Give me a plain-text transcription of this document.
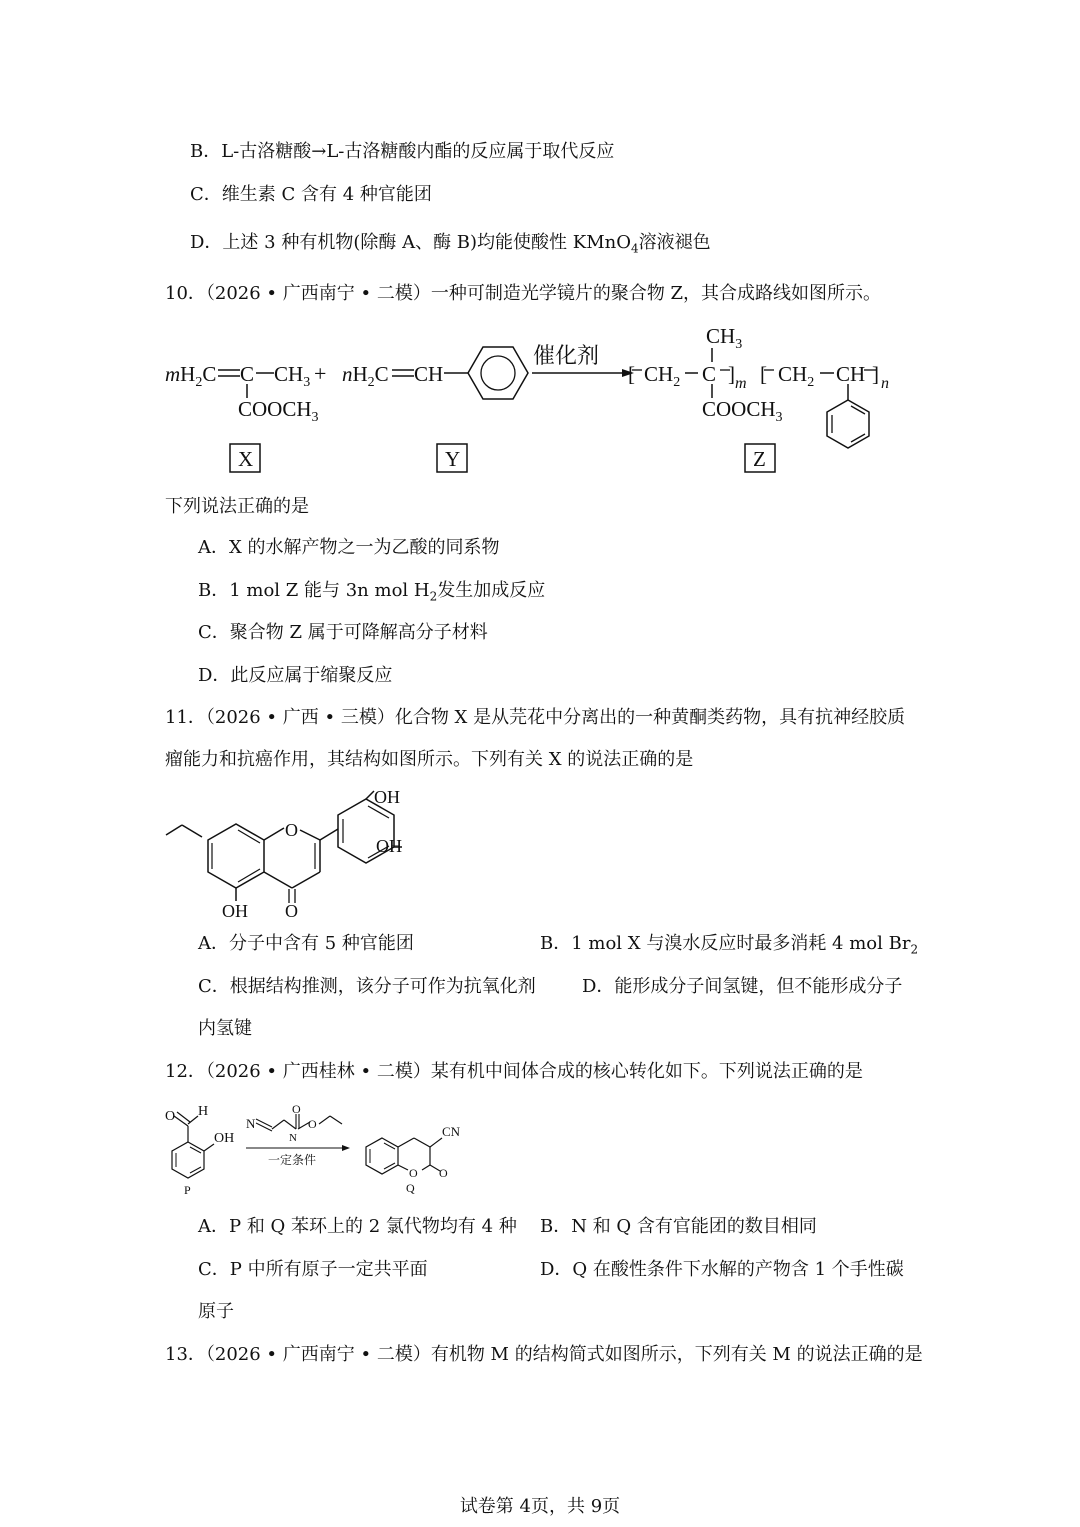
B．L-古洛糖酸→L-古洛糖酸内酯的反应属于取代反应
C．维生素 C 含有 4 种官能团
D．上述 3 种有机物(除酶 A、酶 B)均能使酸性 KMnO$_4$溶液褪色
10．（2026 • 广西南宁 • 二模）一种可制造光学镜片的聚合物 Z，其合成路线如图所示。
$mH_2C$ C $CH_3$
$COOCH_3$
+ $nH_2C$ CH
催化剂
$CH_3$
[ $CH_2$ C ] m
$COOCH_3$
[ $CH_2$ CH ] n
X	Y	Z
下列说法正确的是
A．X 的水解产物之一为乙酸的同系物
B．1 mol Z 能与 3n mol $H_2$发生加成反应
C．聚合物 Z 属于可降解高分子材料
D．此反应属于缩聚反应
11．（2026 • 广西 • 三模）化合物 X 是从芫花中分离出的一种黄酮类药物，具有抗神经胶质
瘤能力和抗癌作用，其结构如图所示。下列有关 X 的说法正确的是
O
O
OH
OH
OH
A．分子中含有 5 种官能团	B．1 mol X 与溴水反应时最多消耗 4 mol $Br_2$
C．根据结构推测，该分子可作为抗氧化剂	D．能形成分子间氢键，但不能形成分子
内氢键
12．（2026 • 广西桂林 • 二模）某有机中间体合成的核心转化如下。下列说法正确的是
O H
OH
P
N
N
O
O
一定条件
O O
CN
Q
A．P 和 Q 苯环上的 2 氯代物均有 4 种 B．N 和 Q 含有官能团的数目相同
C．P 中所有原子一定共平面	D．Q 在酸性条件下水解的产物含 1 个手性碳
原子
13．（2026 • 广西南宁 • 二模）有机物 M 的结构简式如图所示，下列有关 M 的说法正确的是
试卷第 4页，共 9页
